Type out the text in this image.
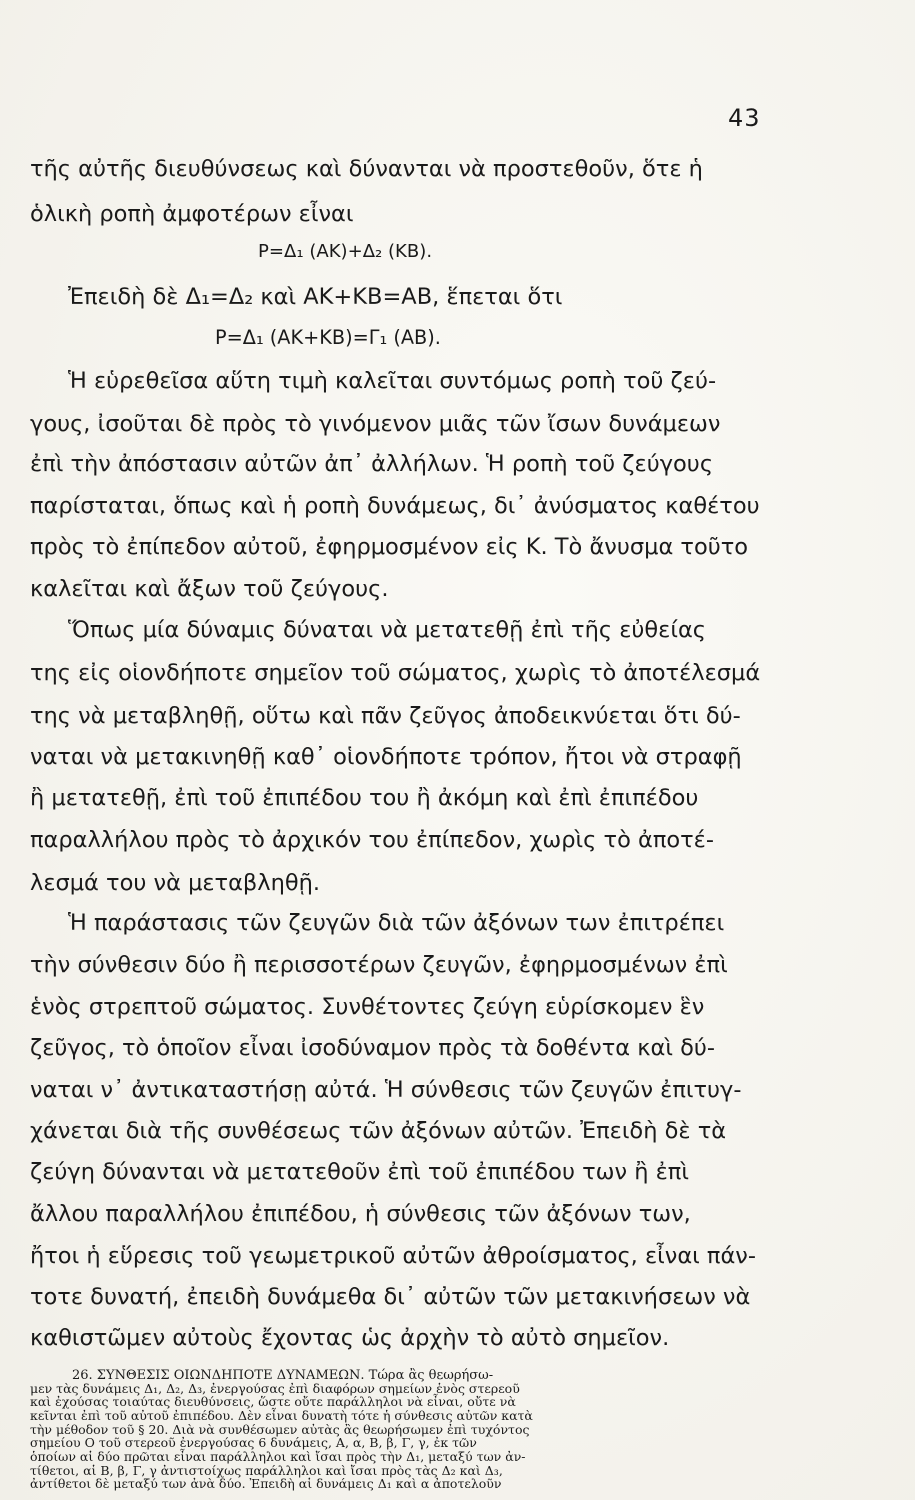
43
τῆς αὐτῆς διευθύνσεως καὶ δύνανται νὰ προστεθοῦν, ὅτε ἡ
ὁλικὴ ροπὴ ἀμφοτέρων εἶναι
P=Δ₁ (ΑΚ)+Δ₂ (ΚΒ).
Ἐπειδὴ δὲ Δ₁=Δ₂ καὶ ΑΚ+ΚΒ=ΑΒ, ἕπεται ὅτι
P=Δ₁ (ΑΚ+ΚΒ)=Γ₁ (ΑΒ).
Ἡ εὑρεθεῖσα αὕτη τιμὴ καλεῖται συντόμως ροπὴ τοῦ ζεύ-
γους, ἰσοῦται δὲ πρὸς τὸ γινόμενον μιᾶς τῶν ἴσων δυνάμεων
ἐπὶ τὴν ἀπόστασιν αὐτῶν ἀπ᾽ ἀλλήλων. Ἡ ροπὴ τοῦ ζεύγους
παρίσταται, ὅπως καὶ ἡ ροπὴ δυνάμεως, δι᾽ ἀνύσματος καθέτου
πρὸς τὸ ἐπίπεδον αὐτοῦ, ἐφηρμοσμένον εἰς Κ. Τὸ ἄνυσμα τοῦτο
καλεῖται καὶ ἄξων τοῦ ζεύγους.
Ὅπως μία δύναμις δύναται νὰ μετατεθῇ ἐπὶ τῆς εὐθείας
της εἰς οἱονδήποτε σημεῖον τοῦ σώματος, χωρὶς τὸ ἀποτέλεσμά
της νὰ μεταβληθῇ, οὕτω καὶ πᾶν ζεῦγος ἀποδεικνύεται ὅτι δύ-
ναται νὰ μετακινηθῇ καθ᾽ οἱονδήποτε τρόπον, ἤτοι νὰ στραφῇ
ἢ μετατεθῇ, ἐπὶ τοῦ ἐπιπέδου του ἢ ἀκόμη καὶ ἐπὶ ἐπιπέδου
παραλλήλου πρὸς τὸ ἀρχικόν του ἐπίπεδον, χωρὶς τὸ ἀποτέ-
λεσμά του νὰ μεταβληθῇ.
Ἡ παράστασις τῶν ζευγῶν διὰ τῶν ἀξόνων των ἐπιτρέπει
τὴν σύνθεσιν δύο ἢ περισσοτέρων ζευγῶν, ἐφηρμοσμένων ἐπὶ
ἑνὸς στρεπτοῦ σώματος. Συνθέτοντες ζεύγη εὑρίσκομεν ἓν
ζεῦγος, τὸ ὁποῖον εἶναι ἰσοδύναμον πρὸς τὰ δοθέντα καὶ δύ-
ναται ν᾽ ἀντικαταστήσῃ αὐτά. Ἡ σύνθεσις τῶν ζευγῶν ἐπιτυγ-
χάνεται διὰ τῆς συνθέσεως τῶν ἀξόνων αὐτῶν. Ἐπειδὴ δὲ τὰ
ζεύγη δύνανται νὰ μετατεθοῦν ἐπὶ τοῦ ἐπιπέδου των ἢ ἐπὶ
ἄλλου παραλλήλου ἐπιπέδου, ἡ σύνθεσις τῶν ἀξόνων των,
ἤτοι ἡ εὕρεσις τοῦ γεωμετρικοῦ αὐτῶν ἀθροίσματος, εἶναι πάν-
τοτε δυνατή, ἐπειδὴ δυνάμεθα δι᾽ αὐτῶν τῶν μετακινήσεων νὰ
καθιστῶμεν αὐτοὺς ἔχοντας ὡς ἀρχὴν τὸ αὐτὸ σημεῖον.
26. ΣΥΝΘΕΣΙΣ ΟΙΩΝΔΗΠΟΤΕ ΔΥΝΑΜΕΩΝ. Τώρα ἂς θεωρήσω-
μεν τὰς δυνάμεις Δ₁, Δ₂, Δ₃, ἐνεργούσας ἐπὶ διαφόρων σημείων ἑνὸς στερεοῦ
καὶ ἐχούσας τοιαύτας διευθύνσεις, ὥστε οὔτε παράλληλοι νὰ εἶναι, οὔτε νὰ
κεῖνται ἐπὶ τοῦ αὐτοῦ ἐπιπέδου. Δὲν εἶναι δυνατὴ τότε ἡ σύνθεσις αὐτῶν κατὰ
τὴν μέθοδον τοῦ § 20. Διὰ νὰ συνθέσωμεν αὐτὰς ἂς θεωρήσωμεν ἐπὶ τυχόντος
σημείου Ο τοῦ στερεοῦ ἐνεργούσας 6 δυνάμεις, Α, α, Β, β, Γ, γ, ἐκ τῶν
ὁποίων αἱ δύο πρῶται εἶναι παράλληλοι καὶ ἴσαι πρὸς τὴν Δ₁, μεταξύ των ἀν-
τίθετοι, αἱ Β, β, Γ, γ ἀντιστοίχως παράλληλοι καὶ ἴσαι πρὸς τὰς Δ₂ καὶ Δ₃,
ἀντίθετοι δὲ μεταξύ των ἀνὰ δύο. Ἐπειδὴ αἱ δυνάμεις Δ₁ καὶ α ἀποτελοῦν
